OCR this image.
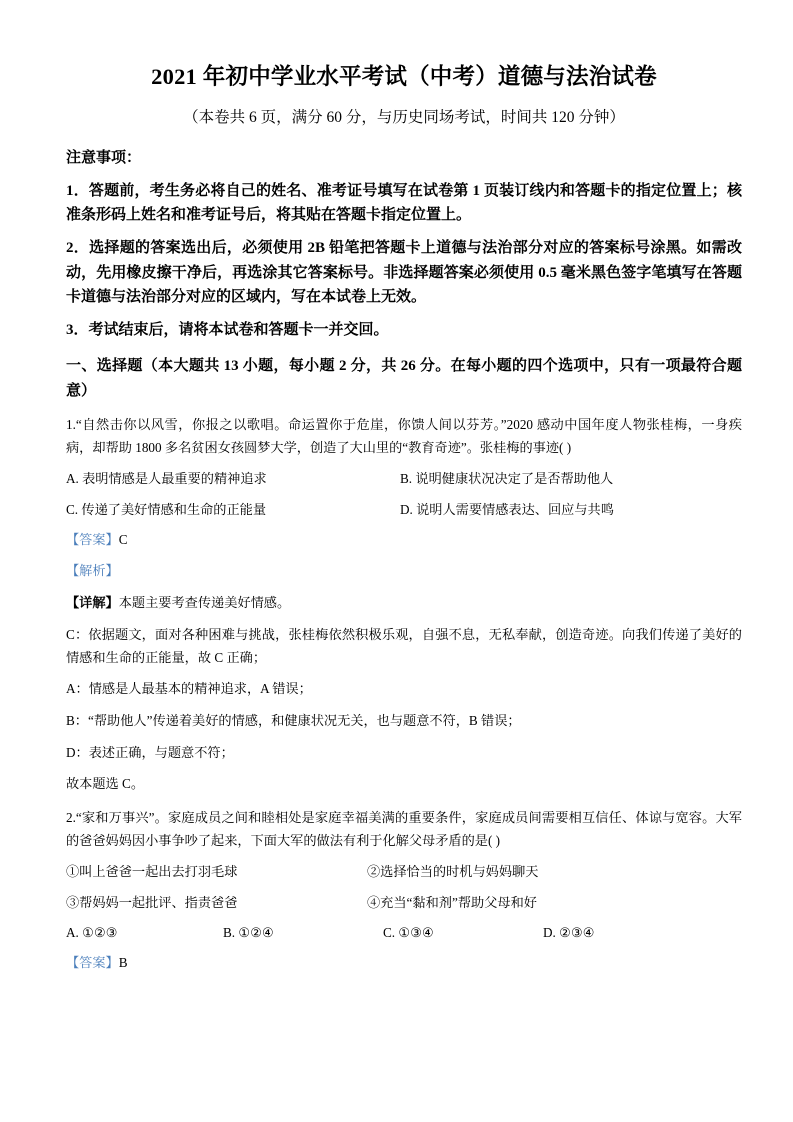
2021 年初中学业水平考试（中考）道德与法治试卷

（本卷共 6 页，满分 60 分，与历史同场考试，时间共 120 分钟）

注意事项：

1．答题前，考生务必将自己的姓名、准考证号填写在试卷第 1 页装订线内和答题卡的指定位置上；核准条形码上姓名和准考证号后，将其贴在答题卡指定位置上。

2．选择题的答案选出后，必须使用 2B 铅笔把答题卡上道德与法治部分对应的答案标号涂黑。如需改动，先用橡皮擦干净后，再选涂其它答案标号。非选择题答案必须使用 0.5 毫米黑色签字笔填写在答题卡道德与法治部分对应的区域内，写在本试卷上无效。

3．考试结束后，请将本试卷和答题卡一并交回。

一、选择题（本大题共 13 小题，每小题 2 分，共 26 分。在每小题的四个选项中，只有一项最符合题意）

1.“自然击你以风雪，你报之以歌唱。命运置你于危崖，你馈人间以芬芳。”2020 感动中国年度人物张桂梅，一身疾病，却帮助 1800 多名贫困女孩圆梦大学，创造了大山里的“教育奇迹”。张桂梅的事迹( )

A. 表明情感是人最重要的精神追求	B. 说明健康状况决定了是否帮助他人
C. 传递了美好情感和生命的正能量	D. 说明人需要情感表达、回应与共鸣

【答案】C

【解析】

【详解】本题主要考查传递美好情感。

C：依据题文，面对各种困难与挑战，张桂梅依然积极乐观，自强不息，无私奉献，创造奇迹。向我们传递了美好的情感和生命的正能量，故 C 正确；

A：情感是人最基本的精神追求，A 错误；

B：“帮助他人”传递着美好的情感，和健康状况无关，也与题意不符，B 错误；

D：表述正确，与题意不符；

故本题选 C。

2.“家和万事兴”。家庭成员之间和睦相处是家庭幸福美满的重要条件，家庭成员间需要相互信任、体谅与宽容。大军的爸爸妈妈因小事争吵了起来，下面大军的做法有利于化解父母矛盾的是( )

①叫上爸爸一起出去打羽毛球	②选择恰当的时机与妈妈聊天
③帮妈妈一起批评、指责爸爸	④充当“黏和剂”帮助父母和好
A. ①②③	B. ①②④	C. ①③④	D. ②③④

【答案】B
